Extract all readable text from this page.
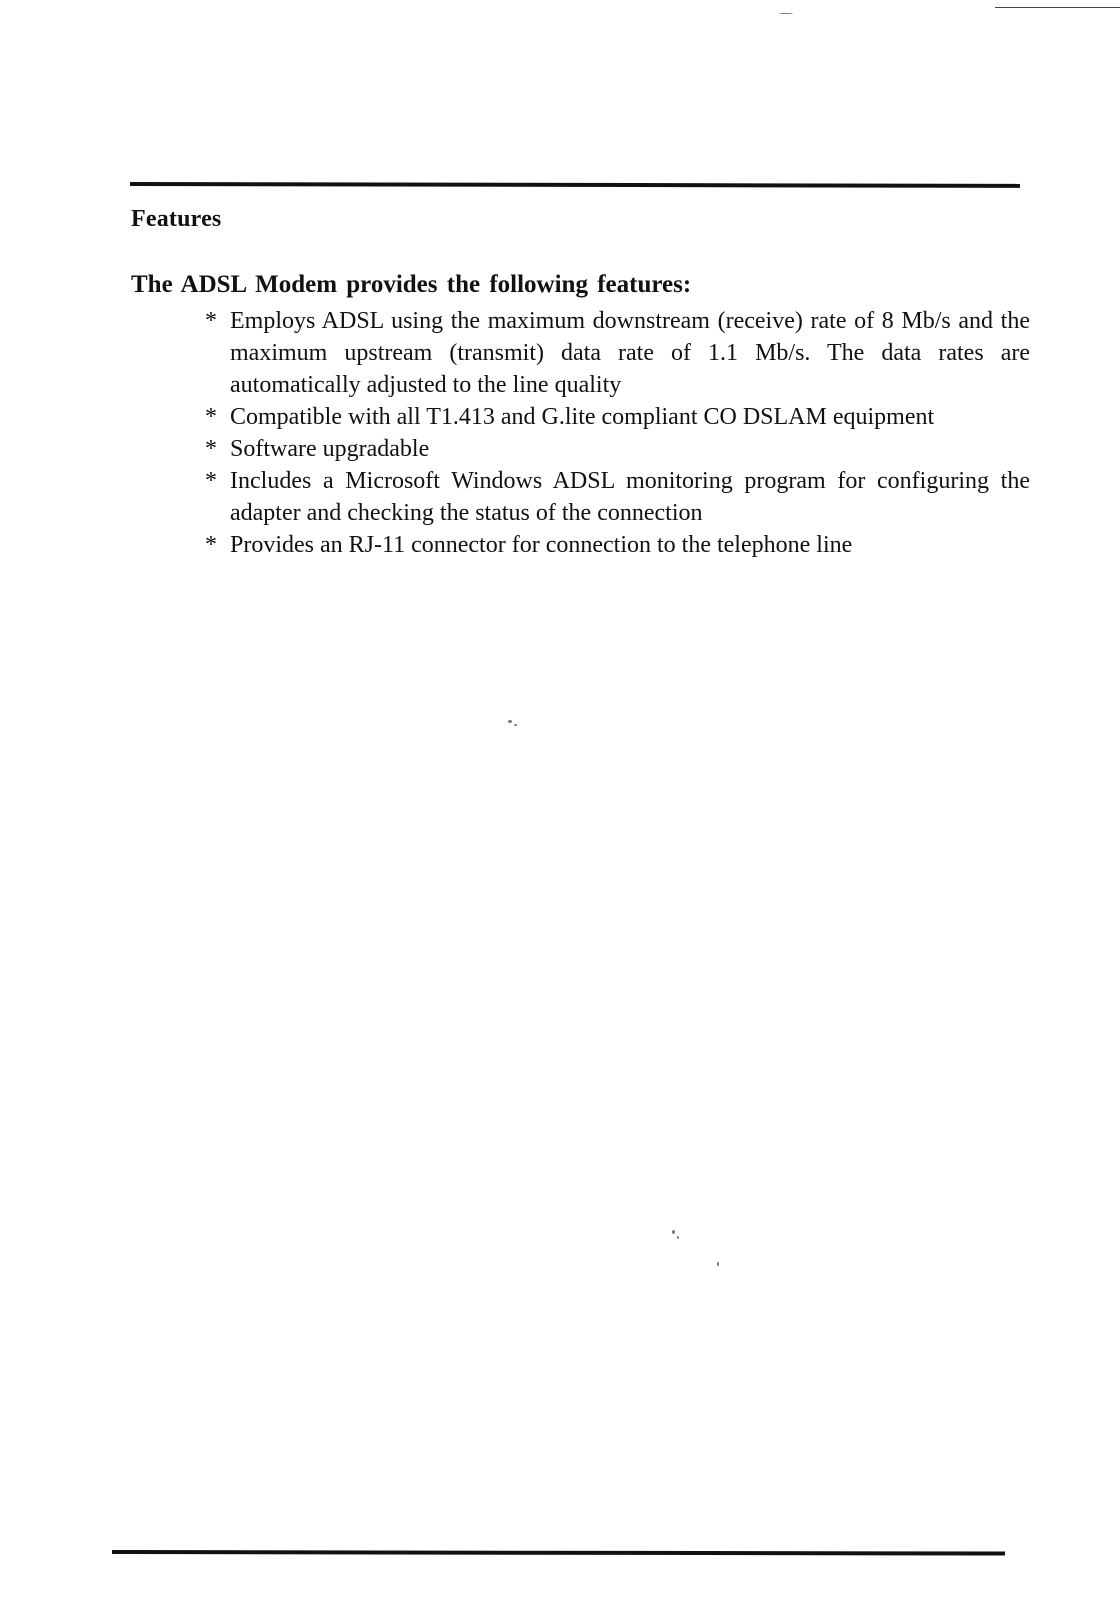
Features

The ADSL Modem provides the following features:

* Employs ADSL using the maximum downstream (receive) rate of 8 Mb/s and the maximum upstream (transmit) data rate of 1.1 Mb/s. The data rates are automatically adjusted to the line quality
* Compatible with all T1.413 and G.lite compliant CO DSLAM equipment
* Software upgradable
* Includes a Microsoft Windows ADSL monitoring program for configuring the adapter and checking the status of the connection
* Provides an RJ-11 connector for connection to the telephone line
